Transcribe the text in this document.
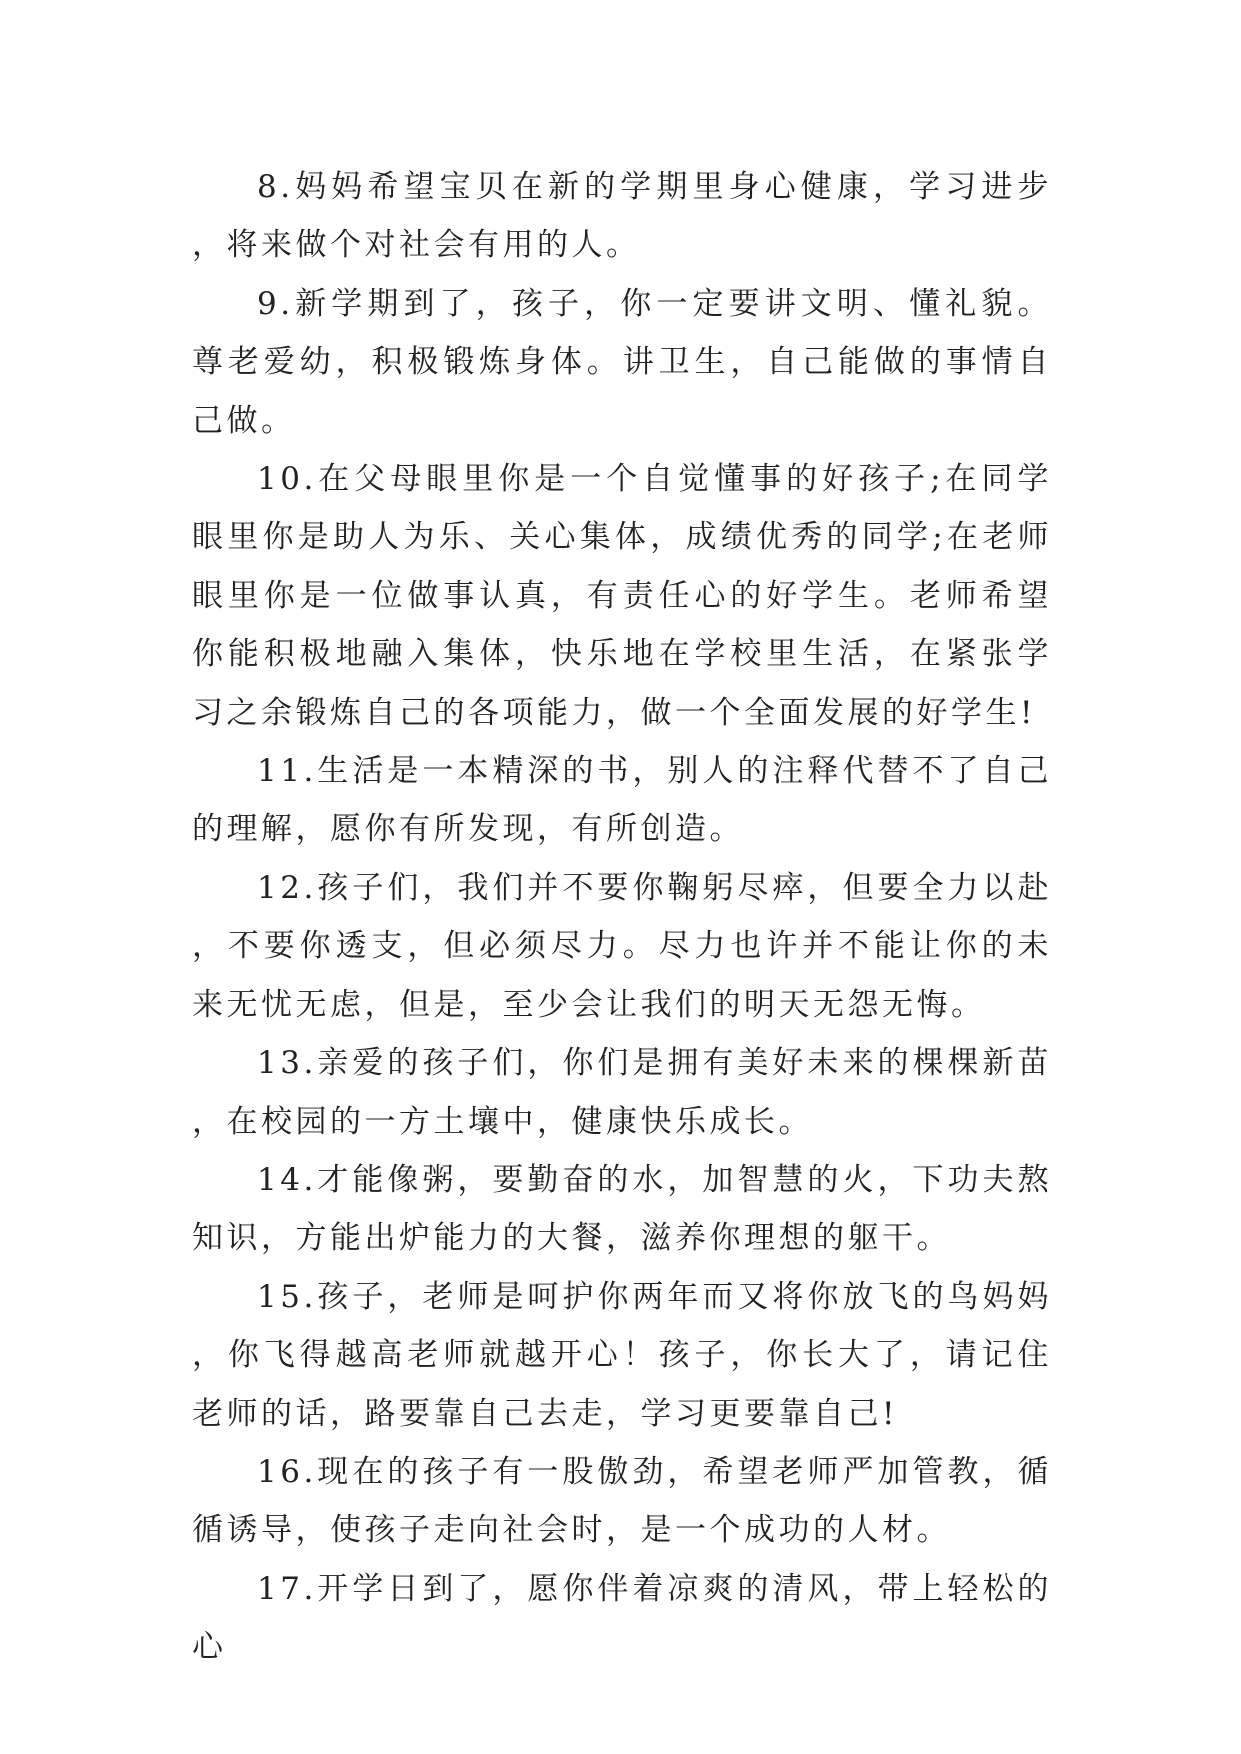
8.妈妈希望宝贝在新的学期里身心健康，学习进步，将来做个对社会有用的人。

9.新学期到了，孩子，你一定要讲文明、懂礼貌。尊老爱幼，积极锻炼身体。讲卫生，自己能做的事情自己做。

10.在父母眼里你是一个自觉懂事的好孩子;在同学眼里你是助人为乐、关心集体，成绩优秀的同学;在老师眼里你是一位做事认真，有责任心的好学生。老师希望你能积极地融入集体，快乐地在学校里生活，在紧张学习之余锻炼自己的各项能力，做一个全面发展的好学生!

11.生活是一本精深的书，别人的注释代替不了自己的理解，愿你有所发现，有所创造。

12.孩子们，我们并不要你鞠躬尽瘁，但要全力以赴，不要你透支，但必须尽力。尽力也许并不能让你的未来无忧无虑，但是，至少会让我们的明天无怨无悔。

13.亲爱的孩子们，你们是拥有美好未来的棵棵新苗，在校园的一方土壤中，健康快乐成长。

14.才能像粥，要勤奋的水，加智慧的火，下功夫熬知识，方能出炉能力的大餐，滋养你理想的躯干。

15.孩子，老师是呵护你两年而又将你放飞的鸟妈妈，你飞得越高老师就越开心！孩子，你长大了，请记住老师的话，路要靠自己去走，学习更要靠自己!

16.现在的孩子有一股傲劲，希望老师严加管教，循循诱导，使孩子走向社会时，是一个成功的人材。

17.开学日到了，愿你伴着凉爽的清风，带上轻松的心
